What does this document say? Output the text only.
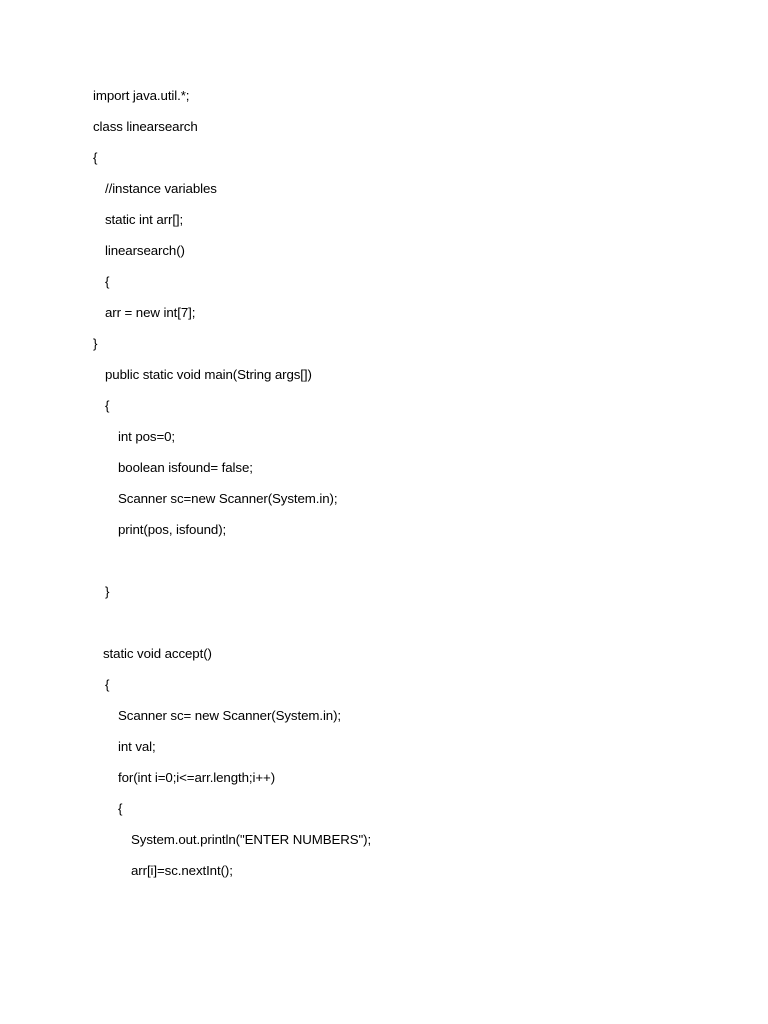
import java.util.*;
class linearsearch
{
//instance variables
static int arr[];
linearsearch()
{
arr = new int[7];
}
public static void main(String args[])
{
int pos=0;
boolean isfound= false;
Scanner sc=new Scanner(System.in);
print(pos, isfound);
}
static void accept()
{
Scanner sc= new Scanner(System.in);
int val;
for(int i=0;i<=arr.length;i++)
{
System.out.println("ENTER NUMBERS");
arr[i]=sc.nextInt();
